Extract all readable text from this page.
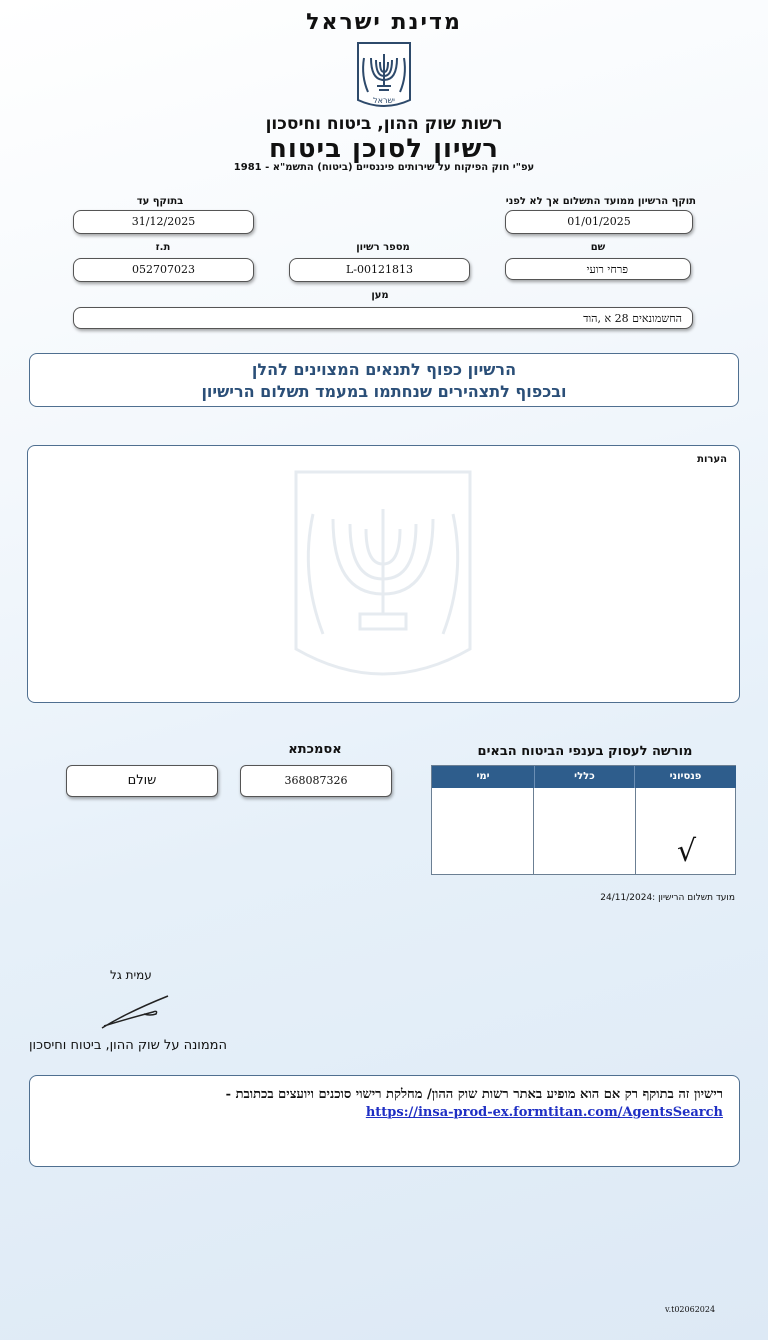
מדינת ישראל
ישראל
רשות שוק ההון, ביטוח וחיסכון
רשיון לסוכן ביטוח
עפ"י חוק הפיקוח על שירותים פיננסיים (ביטוח) התשמ"א - 1981
בתוקף עד
31/12/2025
תוקף הרשיון ממועד התשלום אך לא לפני
01/01/2025
ת.ז
052707023
מספר רשיון
L-00121813
שם
פרחי רועי
מען
החשמונאים 28 א ,הוד
הרשיון כפוף לתנאים המצוינים להלן
ובכפוף לתצהירים שנחתמו במעמד תשלום הרישיון
הערות
מורשה לעסוק בענפי הביטוח הבאים
פנסיוני
כללי
ימי
√
אסמכתא
368087326
שולם
מועד תשלום הרישיון :24/11/2024
עמית גל
הממונה על שוק ההון, ביטוח וחיסכון
רישיון זה בתוקף רק אם הוא מופיע באתר רשות שוק ההון/ מחלקת רישוי סוכנים ויועצים בכתובת -
https://insa-prod-ex.formtitan.com/AgentsSearch
v.t02062024
